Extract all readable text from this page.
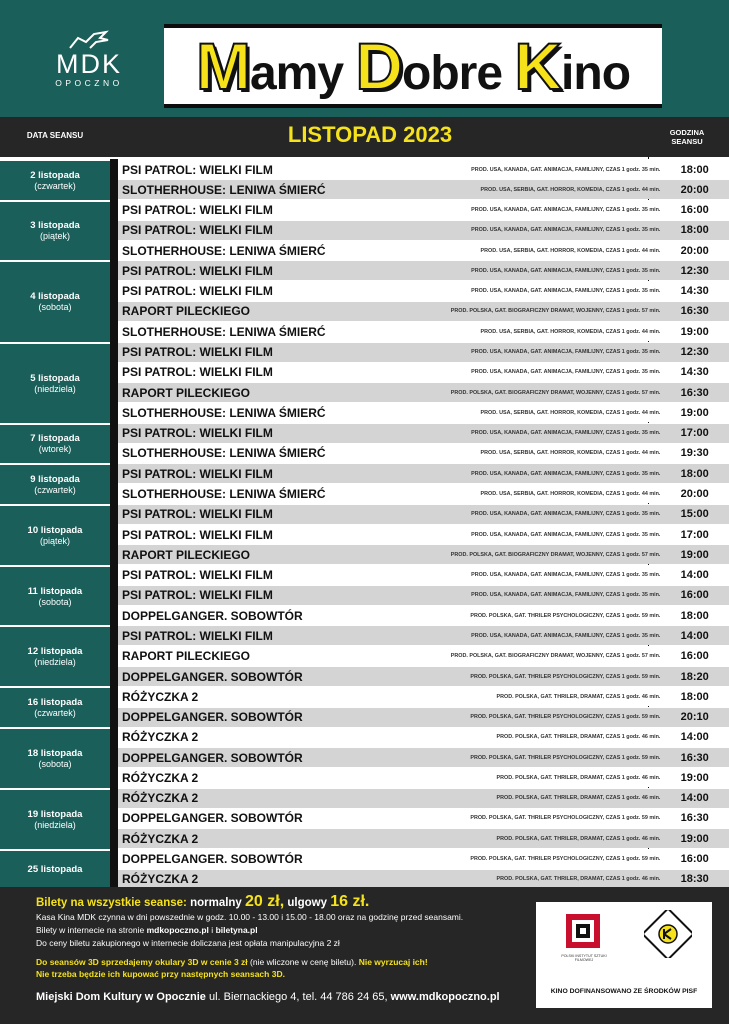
MDK
OPOCZNO Mamy Dobre Kino
DATA SEANSU	LISTOPAD 2023	GODZINA
SEANSU
2 listopada
(czwartek)
PSI PATROL: WIELKI FILM	PROD. USA, KANADA, GAT. ANIMACJA, FAMILIJNY, CZAS 1 godz. 35 min.	18:00
SLOTHERHOUSE: LENIWA ŚMIERĆ	PROD. USA, SERBIA, GAT. HORROR, KOMEDIA, CZAS 1 godz. 44 min.	20:00
3 listopada
(piątek)
PSI PATROL: WIELKI FILM	PROD. USA, KANADA, GAT. ANIMACJA, FAMILIJNY, CZAS 1 godz. 35 min.	16:00
PSI PATROL: WIELKI FILM	PROD. USA, KANADA, GAT. ANIMACJA, FAMILIJNY, CZAS 1 godz. 35 min.	18:00
SLOTHERHOUSE: LENIWA ŚMIERĆ	PROD. USA, SERBIA, GAT. HORROR, KOMEDIA, CZAS 1 godz. 44 min.	20:00
4 listopada
(sobota)
PSI PATROL: WIELKI FILM	PROD. USA, KANADA, GAT. ANIMACJA, FAMILIJNY, CZAS 1 godz. 35 min.	12:30
PSI PATROL: WIELKI FILM	PROD. USA, KANADA, GAT. ANIMACJA, FAMILIJNY, CZAS 1 godz. 35 min.	14:30
RAPORT PILECKIEGO	PROD. POLSKA, GAT. BIOGRAFICZNY DRAMAT, WOJENNY, CZAS 1 godz. 57 min.	16:30
SLOTHERHOUSE: LENIWA ŚMIERĆ	PROD. USA, SERBIA, GAT. HORROR, KOMEDIA, CZAS 1 godz. 44 min.	19:00
5 listopada
(niedziela)
PSI PATROL: WIELKI FILM	PROD. USA, KANADA, GAT. ANIMACJA, FAMILIJNY, CZAS 1 godz. 35 min.	12:30
PSI PATROL: WIELKI FILM	PROD. USA, KANADA, GAT. ANIMACJA, FAMILIJNY, CZAS 1 godz. 35 min.	14:30
RAPORT PILECKIEGO	PROD. POLSKA, GAT. BIOGRAFICZNY DRAMAT, WOJENNY, CZAS 1 godz. 57 min.	16:30
SLOTHERHOUSE: LENIWA ŚMIERĆ	PROD. USA, SERBIA, GAT. HORROR, KOMEDIA, CZAS 1 godz. 44 min.	19:00
7 listopada
(wtorek)
PSI PATROL: WIELKI FILM	PROD. USA, KANADA, GAT. ANIMACJA, FAMILIJNY, CZAS 1 godz. 35 min.	17:00
SLOTHERHOUSE: LENIWA ŚMIERĆ	PROD. USA, SERBIA, GAT. HORROR, KOMEDIA, CZAS 1 godz. 44 min.	19:30
9 listopada
(czwartek)
PSI PATROL: WIELKI FILM	PROD. USA, KANADA, GAT. ANIMACJA, FAMILIJNY, CZAS 1 godz. 35 min.	18:00
SLOTHERHOUSE: LENIWA ŚMIERĆ	PROD. USA, SERBIA, GAT. HORROR, KOMEDIA, CZAS 1 godz. 44 min.	20:00
10 listopada
(piątek)
PSI PATROL: WIELKI FILM	PROD. USA, KANADA, GAT. ANIMACJA, FAMILIJNY, CZAS 1 godz. 35 min.	15:00
PSI PATROL: WIELKI FILM	PROD. USA, KANADA, GAT. ANIMACJA, FAMILIJNY, CZAS 1 godz. 35 min.	17:00
RAPORT PILECKIEGO	PROD. POLSKA, GAT. BIOGRAFICZNY DRAMAT, WOJENNY, CZAS 1 godz. 57 min.	19:00
11 listopada
(sobota)
PSI PATROL: WIELKI FILM	PROD. USA, KANADA, GAT. ANIMACJA, FAMILIJNY, CZAS 1 godz. 35 min.	14:00
PSI PATROL: WIELKI FILM	PROD. USA, KANADA, GAT. ANIMACJA, FAMILIJNY, CZAS 1 godz. 35 min.	16:00
DOPPELGANGER. SOBOWTÓR	PROD. POLSKA, GAT. THRILER PSYCHOLOGICZNY, CZAS 1 godz. 59 min.	18:00
12 listopada
(niedziela)
PSI PATROL: WIELKI FILM	PROD. USA, KANADA, GAT. ANIMACJA, FAMILIJNY, CZAS 1 godz. 35 min.	14:00
RAPORT PILECKIEGO	PROD. POLSKA, GAT. BIOGRAFICZNY DRAMAT, WOJENNY, CZAS 1 godz. 57 min.	16:00
DOPPELGANGER. SOBOWTÓR	PROD. POLSKA, GAT. THRILER PSYCHOLOGICZNY, CZAS 1 godz. 59 min.	18:20
16 listopada
(czwartek)
RÓŻYCZKA 2	PROD. POLSKA, GAT. THRILER, DRAMAT, CZAS 1 godz. 46 min.	18:00
DOPPELGANGER. SOBOWTÓR	PROD. POLSKA, GAT. THRILER PSYCHOLOGICZNY, CZAS 1 godz. 59 min.	20:10
18 listopada
(sobota)
RÓŻYCZKA 2	PROD. POLSKA, GAT. THRILER, DRAMAT, CZAS 1 godz. 46 min.	14:00
DOPPELGANGER. SOBOWTÓR	PROD. POLSKA, GAT. THRILER PSYCHOLOGICZNY, CZAS 1 godz. 59 min.	16:30
RÓŻYCZKA 2	PROD. POLSKA, GAT. THRILER, DRAMAT, CZAS 1 godz. 46 min.	19:00
19 listopada
(niedziela)
RÓŻYCZKA 2	PROD. POLSKA, GAT. THRILER, DRAMAT, CZAS 1 godz. 46 min.	14:00
DOPPELGANGER. SOBOWTÓR	PROD. POLSKA, GAT. THRILER PSYCHOLOGICZNY, CZAS 1 godz. 59 min.	16:30
RÓŻYCZKA 2	PROD. POLSKA, GAT. THRILER, DRAMAT, CZAS 1 godz. 46 min.	19:00
25 listopada
DOPPELGANGER. SOBOWTÓR	PROD. POLSKA, GAT. THRILER PSYCHOLOGICZNY, CZAS 1 godz. 59 min.	16:00
RÓŻYCZKA 2	PROD. POLSKA, GAT. THRILER, DRAMAT, CZAS 1 godz. 46 min.	18:30
Bilety na wszystkie seanse: normalny 20 zł, ulgowy 16 zł.
Kasa Kina MDK czynna w dni powszednie w godz. 10.00 - 13.00 i 15.00 - 18.00 oraz na godzinę przed seansami.
Bilety w internecie na stronie mdkopoczno.pl i biletyna.pl
Do ceny biletu zakupionego w internecie doliczana jest opłata manipulacyjna 2 zł
Do seansów 3D sprzedajemy okulary 3D w cenie 3 zł (nie wliczone w cenę biletu). Nie wyrzucaj ich!
Nie trzeba będzie ich kupować przy następnych seansach 3D.
Miejski Dom Kultury w Opocznie ul. Biernackiego 4, tel. 44 786 24 65, www.mdkopoczno.pl
POLSKI INSTYTUT SZTUKI FILMOWEJ
KINO DOFINANSOWANO ZE ŚRODKÓW PISF
